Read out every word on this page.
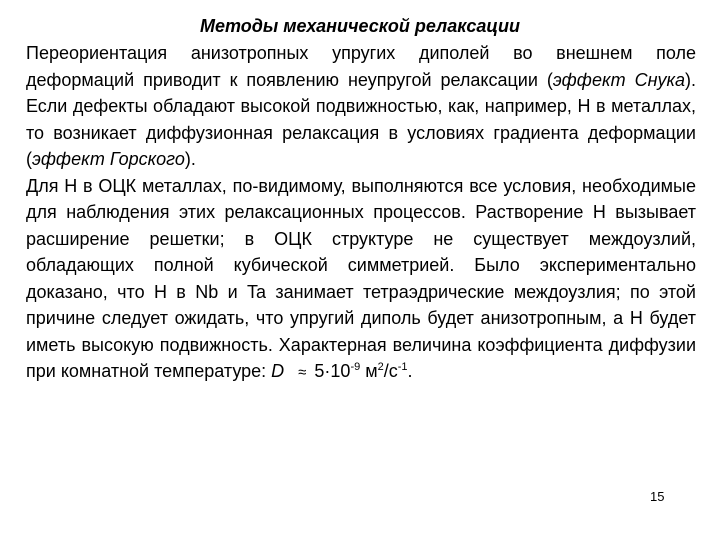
Методы механической релаксации

Переориентация анизотропных упругих диполей во внешнем поле деформаций приводит к появлению неупругой релаксации (эффект Снука). Если дефекты обладают высокой подвижностью, как, например, Н в металлах, то возникает диффузионная релаксация в условиях градиента деформации (эффект Горского).

Для Н в ОЦК металлах, по-видимому, выполняются все условия, необходимые для наблюдения этих релаксационных процессов. Растворение Н вызывает расширение решетки; в ОЦК структуре не существует междоузлий, обладающих полной кубической симметрией. Было экспериментально доказано, что Н в Nb и Ta занимает тетраэдрические междоузлия; по этой причине следует ожидать, что упругий диполь будет анизотропным, а Н будет иметь высокую подвижность. Характерная величина коэффициента диффузии при комнатной температуре: $D \approx 5\cdot 10^{-9}$ $м^2/с^{-1}$.

15
